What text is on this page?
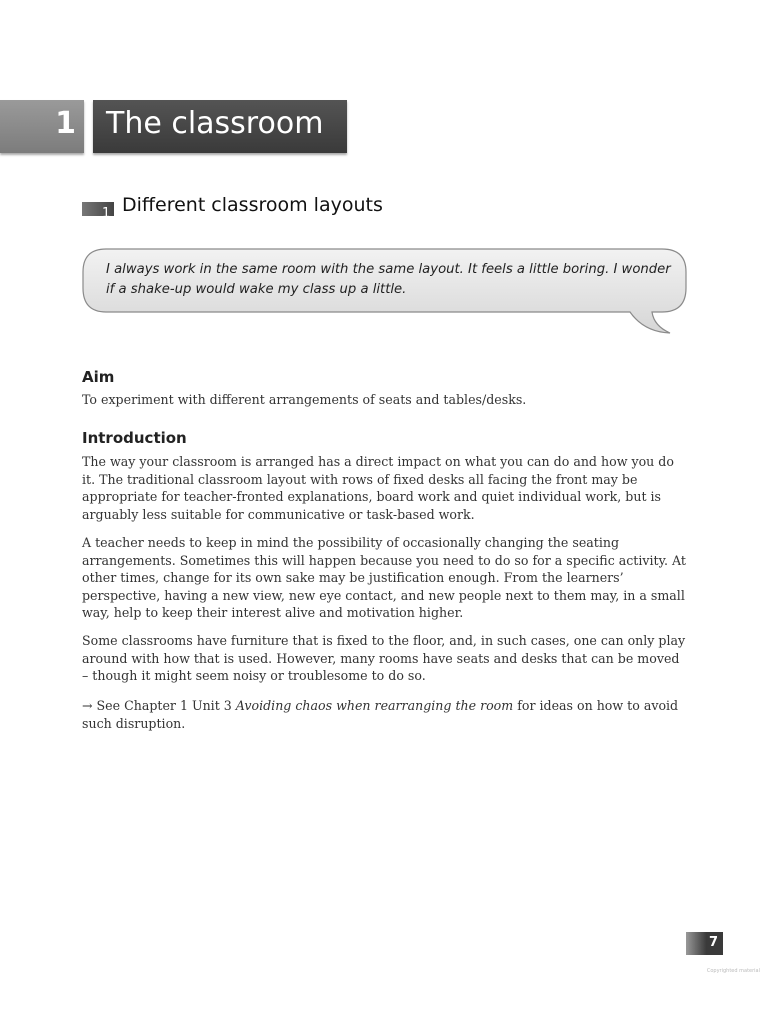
1 The classroom
1 Different classroom layouts
I always work in the same room with the same layout. It feels a little boring. I wonder if a shake-up would wake my class up a little.
Aim

To experiment with different arrangements of seats and tables/desks.

Introduction

The way your classroom is arranged has a direct impact on what you can do and how you do it. The traditional classroom layout with rows of fixed desks all facing the front may be appropriate for teacher-fronted explanations, board work and quiet individual work, but is arguably less suitable for communicative or task-based work.

A teacher needs to keep in mind the possibility of occasionally changing the seating arrangements. Sometimes this will happen because you need to do so for a specific activity. At other times, change for its own sake may be justification enough. From the learners’ perspective, having a new view, new eye contact, and new people next to them may, in a small way, help to keep their interest alive and motivation higher.

Some classrooms have furniture that is fixed to the floor, and, in such cases, one can only play around with how that is used. However, many rooms have seats and desks that can be moved – though it might seem noisy or troublesome to do so.

→ See Chapter 1 Unit 3 Avoiding chaos when rearranging the room for ideas on how to avoid such disruption.

7
Copyrighted material
